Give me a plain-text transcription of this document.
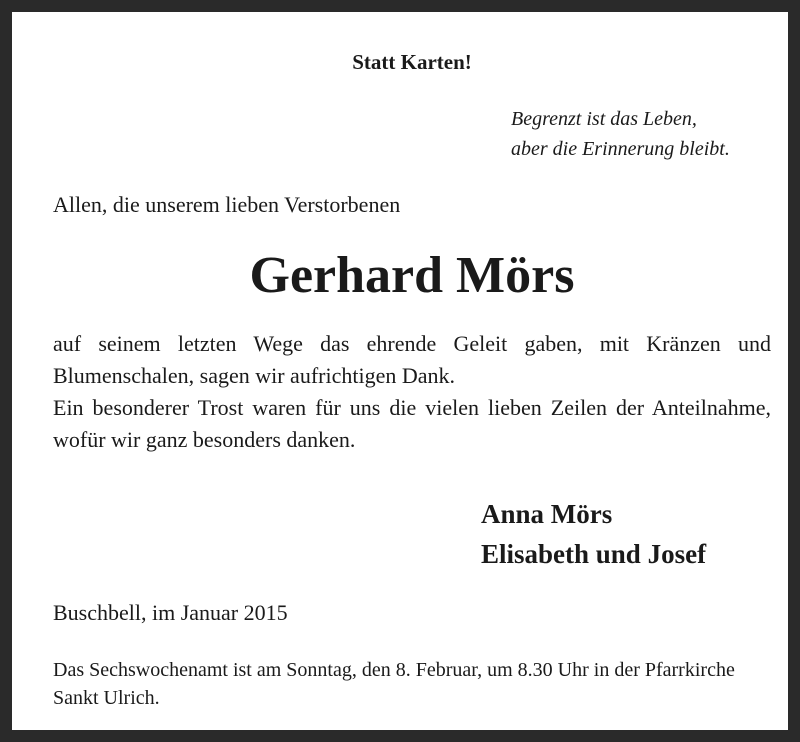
Statt Karten!
Begrenzt ist das Leben,
aber die Erinnerung bleibt.
Allen, die unserem lieben Verstorbenen
Gerhard Mörs

auf seinem letzten Wege das ehrende Geleit gaben, mit Kränzen und Blumenschalen, sagen wir aufrichtigen Dank.

Ein besonderer Trost waren für uns die vielen lieben Zeilen der Anteilnahme, wofür wir ganz besonders danken.

Anna Mörs
Elisabeth und Josef
Buschbell, im Januar 2015
Das Sechswochenamt ist am Sonntag, den 8. Februar, um 8.30 Uhr in der Pfarrkirche Sankt Ulrich.
